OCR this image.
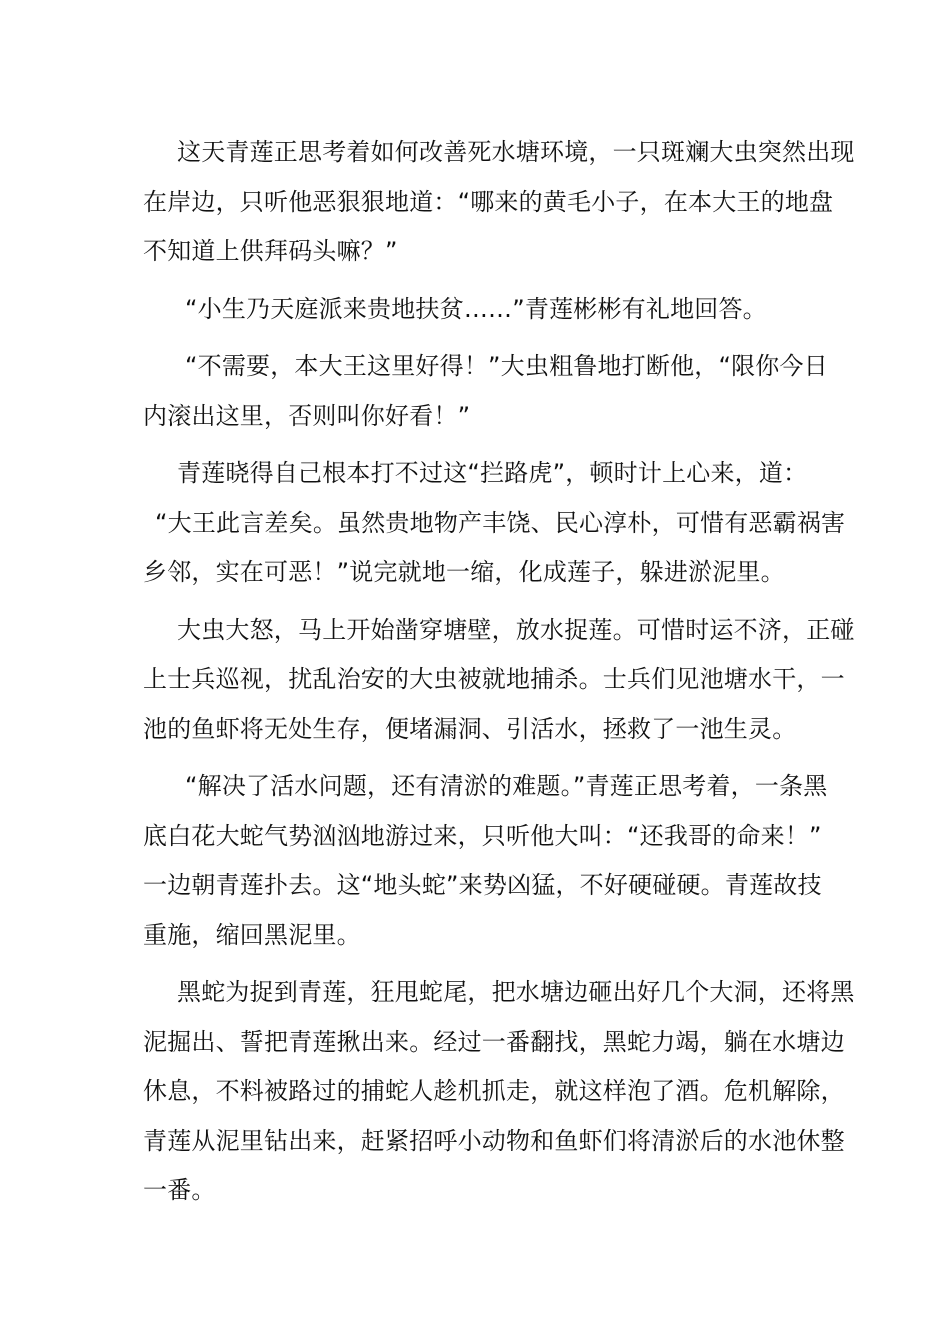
这天青莲正思考着如何改善死水塘环境，一只斑斓大虫突然出现
在岸边，只听他恶狠狠地道：“哪来的黄毛小子，在本大王的地盘
不知道上供拜码头嘛？”

“小生乃天庭派来贵地扶贫……”青莲彬彬有礼地回答。

“不需要，本大王这里好得！”大虫粗鲁地打断他，“限你今日
内滚出这里，否则叫你好看！”

青莲晓得自己根本打不过这“拦路虎”，顿时计上心来，道：
“大王此言差矣。虽然贵地物产丰饶、民心淳朴，可惜有恶霸祸害
乡邻，实在可恶！”说完就地一缩，化成莲子，躲进淤泥里。

大虫大怒，马上开始凿穿塘壁，放水捉莲。可惜时运不济，正碰
上士兵巡视，扰乱治安的大虫被就地捕杀。士兵们见池塘水干，一
池的鱼虾将无处生存，便堵漏洞、引活水，拯救了一池生灵。

“解决了活水问题，还有清淤的难题。”青莲正思考着，一条黑
底白花大蛇气势汹汹地游过来，只听他大叫：“还我哥的命来！”
一边朝青莲扑去。这“地头蛇”来势凶猛，不好硬碰硬。青莲故技
重施，缩回黑泥里。

黑蛇为捉到青莲，狂甩蛇尾，把水塘边砸出好几个大洞，还将黑
泥掘出、誓把青莲揪出来。经过一番翻找，黑蛇力竭，躺在水塘边
休息，不料被路过的捕蛇人趁机抓走，就这样泡了酒。危机解除，
青莲从泥里钻出来，赶紧招呼小动物和鱼虾们将清淤后的水池休整
一番。
